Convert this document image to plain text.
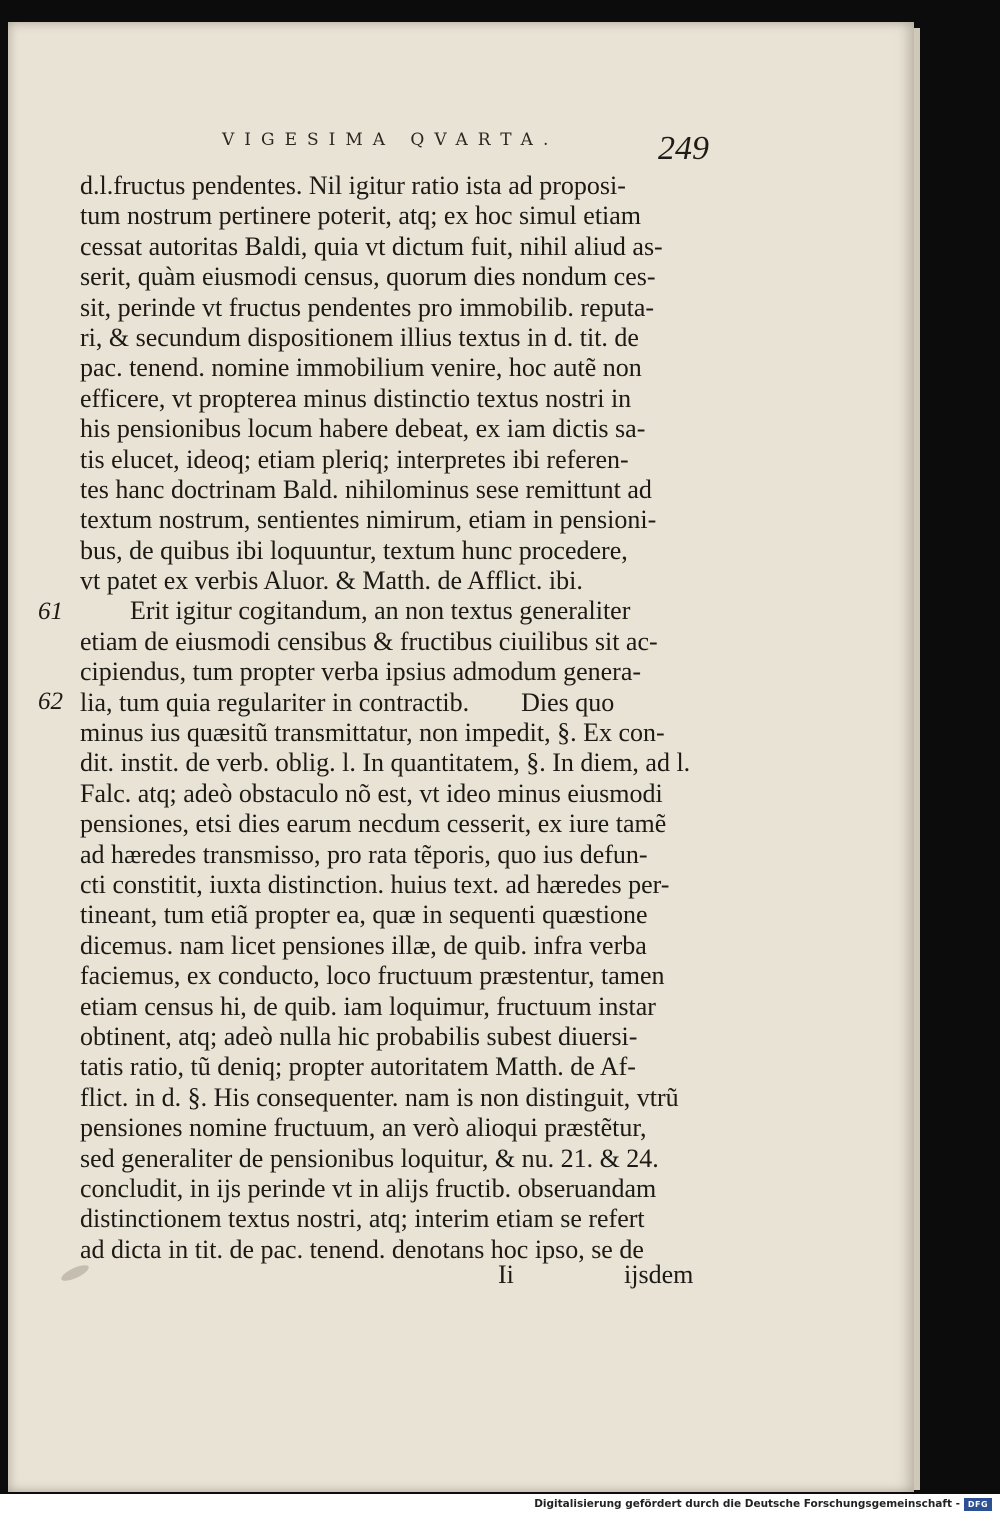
VIGESIMA QVARTA.	249
d.l.fructus pendentes. Nil igitur ratio ista ad proposi-
tum nostrum pertinere poterit, atq; ex hoc simul etiam
cessat autoritas Baldi, quia vt dictum fuit, nihil aliud as-
serit, quàm eiusmodi census, quorum dies nondum ces-
sit, perinde vt fructus pendentes pro immobilib. reputa-
ri, & secundum dispositionem illius textus in d. tit. de
pac. tenend. nomine immobilium venire, hoc autẽ non
efficere, vt propterea minus distinctio textus nostri in
his pensionibus locum habere debeat, ex iam dictis sa-
tis elucet, ideoq; etiam pleriq; interpretes ibi referen-
tes hanc doctrinam Bald. nihilominus sese remittunt ad
textum nostrum, sentientes nimirum, etiam in pensioni-
bus, de quibus ibi loquuntur, textum hunc procedere,
vt patet ex verbis Aluor. & Matth. de Afflict. ibi.
Erit igitur cogitandum, an non textus generaliter
etiam de eiusmodi censibus & fructibus ciuilibus sit ac-
cipiendus, tum propter verba ipsius admodum genera-
lia, tum quia regulariter in contractib. Dies quo
minus ius quæsitũ transmittatur, non impedit, §. Ex con-
dit. instit. de verb. oblig. l. In quantitatem, §. In diem, ad l.
Falc. atq; adeò obstaculo nõ est, vt ideo minus eiusmodi
pensiones, etsi dies earum necdum cesserit, ex iure tamẽ
ad hæredes transmisso, pro rata tẽporis, quo ius defun-
cti constitit, iuxta distinction. huius text. ad hæredes per-
tineant, tum etiã propter ea, quæ in sequenti quæstione
dicemus. nam licet pensiones illæ, de quib. infra verba
faciemus, ex conducto, loco fructuum præstentur, tamen
etiam census hi, de quib. iam loquimur, fructuum instar
obtinent, atq; adeò nulla hic probabilis subest diuersi-
tatis ratio, tũ deniq; propter autoritatem Matth. de Af-
flict. in d. §. His consequenter. nam is non distinguit, vtrũ
pensiones nomine fructuum, an verò alioqui præstẽtur,
sed generaliter de pensionibus loquitur, & nu. 21. & 24.
concludit, in ijs perinde vt in alijs fructib. obseruandam
distinctionem textus nostri, atq; interim etiam se refert
ad dicta in tit. de pac. tenend. denotans hoc ipso, se de
61
62
Ii	ijsdem
Digitalisierung gefördert durch die Deutsche Forschungsgemeinschaft - DFG
